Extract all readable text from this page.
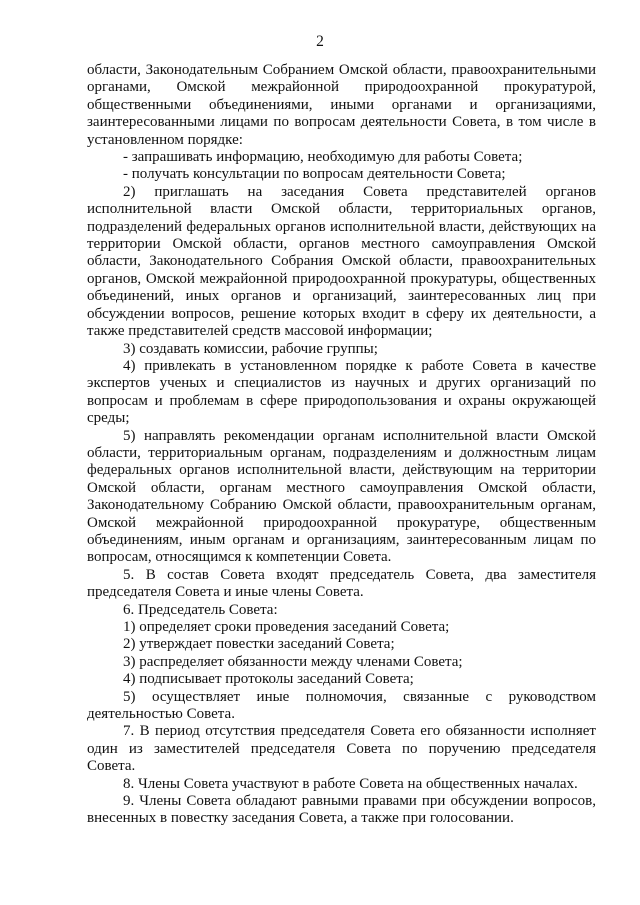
2

области, Законодательным Собранием Омской области, правоохранительными органами, Омской межрайонной природоохранной прокуратурой, общественными объединениями, иными органами и организациями, заинтересованными лицами по вопросам деятельности Совета, в том числе в установленном порядке:

- запрашивать информацию, необходимую для работы Совета;

- получать консультации по вопросам деятельности Совета;

2) приглашать на заседания Совета представителей органов исполнительной власти Омской области, территориальных органов, подразделений федеральных органов исполнительной власти, действующих на территории Омской области, органов местного самоуправления Омской области, Законодательного Собрания Омской области, правоохранительных органов, Омской межрайонной природоохранной прокуратуры, общественных объединений, иных органов и организаций, заинтересованных лиц при обсуждении вопросов, решение которых входит в сферу их деятельности, а также представителей средств массовой информации;

3) создавать комиссии, рабочие группы;

4) привлекать в установленном порядке к работе Совета в качестве экспертов ученых и специалистов из научных и других организаций по вопросам и проблемам в сфере природопользования и охраны окружающей среды;

5) направлять рекомендации органам исполнительной власти Омской области, территориальным органам, подразделениям и должностным лицам федеральных органов исполнительной власти, действующим на территории Омской области, органам местного самоуправления Омской области, Законодательному Собранию Омской области, правоохранительным органам, Омской межрайонной природоохранной прокуратуре, общественным объединениям, иным органам и организациям, заинтересованным лицам по вопросам, относящимся к компетенции Совета.

5. В состав Совета входят председатель Совета, два заместителя председателя Совета и иные члены Совета.

6. Председатель Совета:

1) определяет сроки проведения заседаний Совета;

2) утверждает повестки заседаний Совета;

3) распределяет обязанности между членами Совета;

4) подписывает протоколы заседаний Совета;

5) осуществляет иные полномочия, связанные с руководством деятельностью Совета.

7. В период отсутствия председателя Совета его обязанности исполняет один из заместителей председателя Совета по поручению председателя Совета.

8. Члены Совета участвуют в работе Совета на общественных началах.

9. Члены Совета обладают равными правами при обсуждении вопросов, внесенных в повестку заседания Совета, а также при голосовании.
